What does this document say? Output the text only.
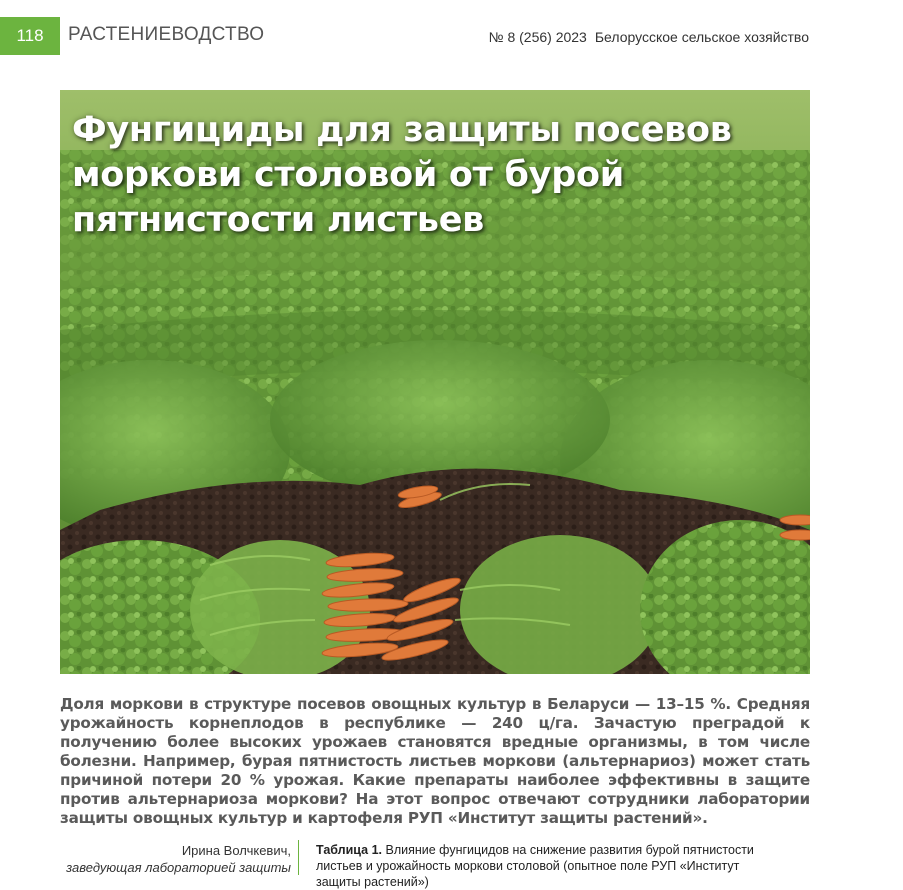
118	РАСТЕНИЕВОДСТВО	№ 8 (256) 2023 Белорусское сельское хозяйство
Фунгициды для защиты посевов моркови столовой от бурой пятнистости листьев

Доля моркови в структуре посевов овощных культур в Беларуси — 13–15 %. Средняя урожайность корнеплодов в республике — 240 ц/га. Зачастую преградой к получению более высоких урожаев становятся вредные организмы, в том числе болезни. Например, бурая пятнистость листьев моркови (альтернариоз) может стать причиной потери 20 % урожая. Какие препараты наиболее эффективны в защите против альтернариоза моркови? На этот вопрос отвечают сотрудники лаборатории защиты овощных культур и картофеля РУП «Институт защиты растений».

Ирина Волчкевич,
заведующая лабораторией защиты
Таблица 1. Влияние фунгицидов на снижение развития бурой пятнистости листьев и урожайность моркови столовой (опытное поле РУП «Институт защиты растений»)
